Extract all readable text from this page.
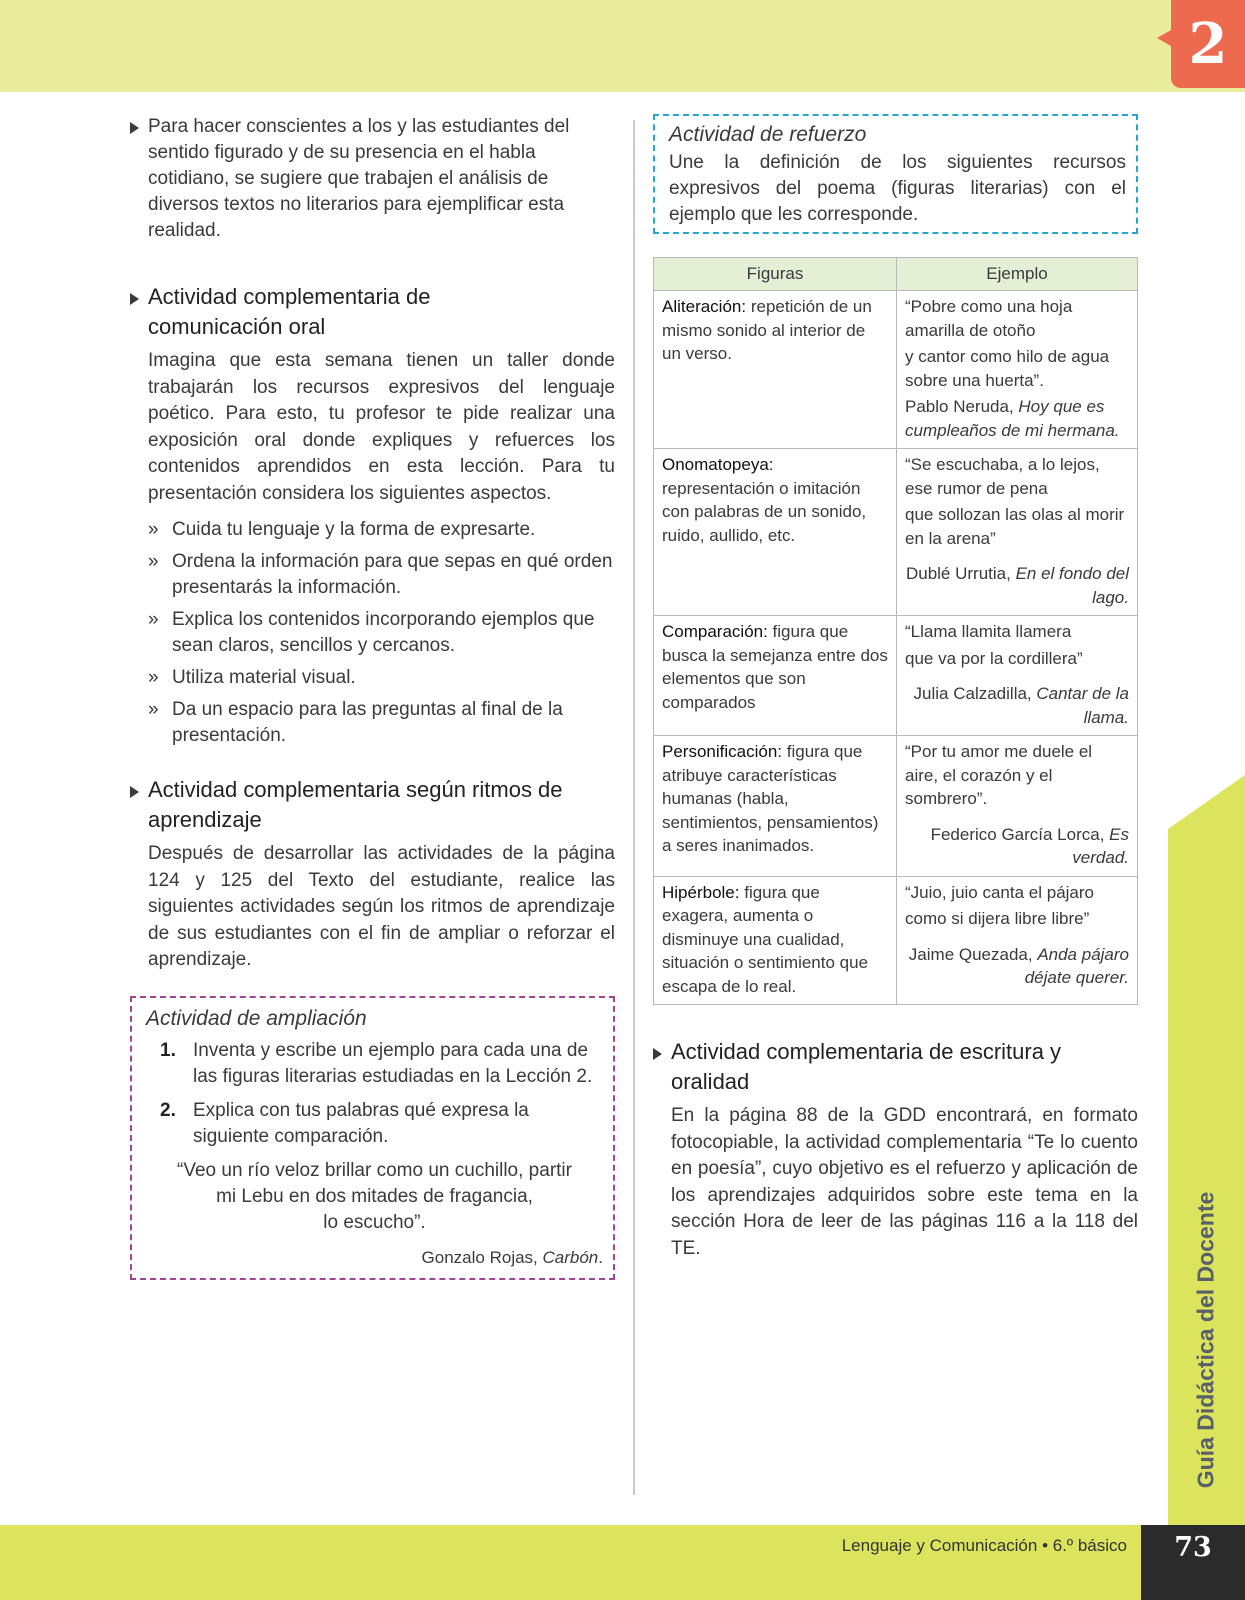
2
Guía Didáctica del Docente
Lenguaje y Comunicación • 6.º básico	73

Para hacer conscientes a los y las estudiantes del sentido figurado y de su presencia en el habla cotidiano, se sugiere que trabajen el análisis de diversos textos no literarios para ejemplificar esta realidad.

Actividad complementaria de
comunicación oral

Imagina que esta semana tienen un taller donde trabajarán los recursos expresivos del lenguaje poético. Para esto, tu profesor te pide realizar una exposición oral donde expliques y refuerces los contenidos aprendidos en esta lección. Para tu presentación considera los siguientes aspectos.

» Cuida tu lenguaje y la forma de expresarte.
» Ordena la información para que sepas en qué orden presentarás la información.
» Explica los contenidos incorporando ejemplos que sean claros, sencillos y cercanos.
» Utiliza material visual.
» Da un espacio para las preguntas al final de la presentación.
Actividad complementaria según ritmos de
aprendizaje

Después de desarrollar las actividades de la página 124 y 125 del Texto del estudiante, realice las siguientes actividades según los ritmos de aprendizaje de sus estudiantes con el fin de ampliar o reforzar el aprendizaje.

Actividad de ampliación
1. Inventa y escribe un ejemplo para cada una de las figuras literarias estudiadas en la Lección 2.
2. Explica con tus palabras qué expresa la siguiente comparación.
“Veo un río veloz brillar como un cuchillo, partir
mi Lebu en dos mitades de fragancia,
lo escucho”.
Gonzalo Rojas, Carbón.
Actividad de refuerzo
Une la definición de los siguientes recursos expresivos del poema (figuras literarias) con el ejemplo que les corresponde.
Figuras	Ejemplo
Aliteración: repetición de un mismo sonido al interior de un verso.	“Pobre como una hoja amarilla de otoño
y cantor como hilo de agua sobre una huerta”.
Pablo Neruda, Hoy que es cumpleaños de mi hermana.

Onomatopeya: representación o imitación con palabras de un sonido, ruido, aullido, etc.	“Se escuchaba, a lo lejos, ese rumor de pena
que sollozan las olas al morir en la arena”
Dublé Urrutia, En el fondo del lago.

Comparación: figura que busca la semejanza entre dos elementos que son comparados	“Llama llamita llamera
que va por la cordillera”
Julia Calzadilla, Cantar de la llama.

Personificación: figura que atribuye características humanas (habla, sentimientos, pensamientos) a seres inanimados.	“Por tu amor me duele el aire, el corazón y el sombrero”.
Federico García Lorca, Es verdad.

Hipérbole: figura que exagera, aumenta o disminuye una cualidad, situación o sentimiento que escapa de lo real.	“Juio, juio canta el pájaro
como si dijera libre libre”
Jaime Quezada, Anda pájaro déjate querer.
Actividad complementaria de escritura y
oralidad

En la página 88 de la GDD encontrará, en formato fotocopiable, la actividad complementaria “Te lo cuento en poesía”, cuyo objetivo es el refuerzo y aplicación de los aprendizajes adquiridos sobre este tema en la sección Hora de leer de las páginas 116 a la 118 del TE.
